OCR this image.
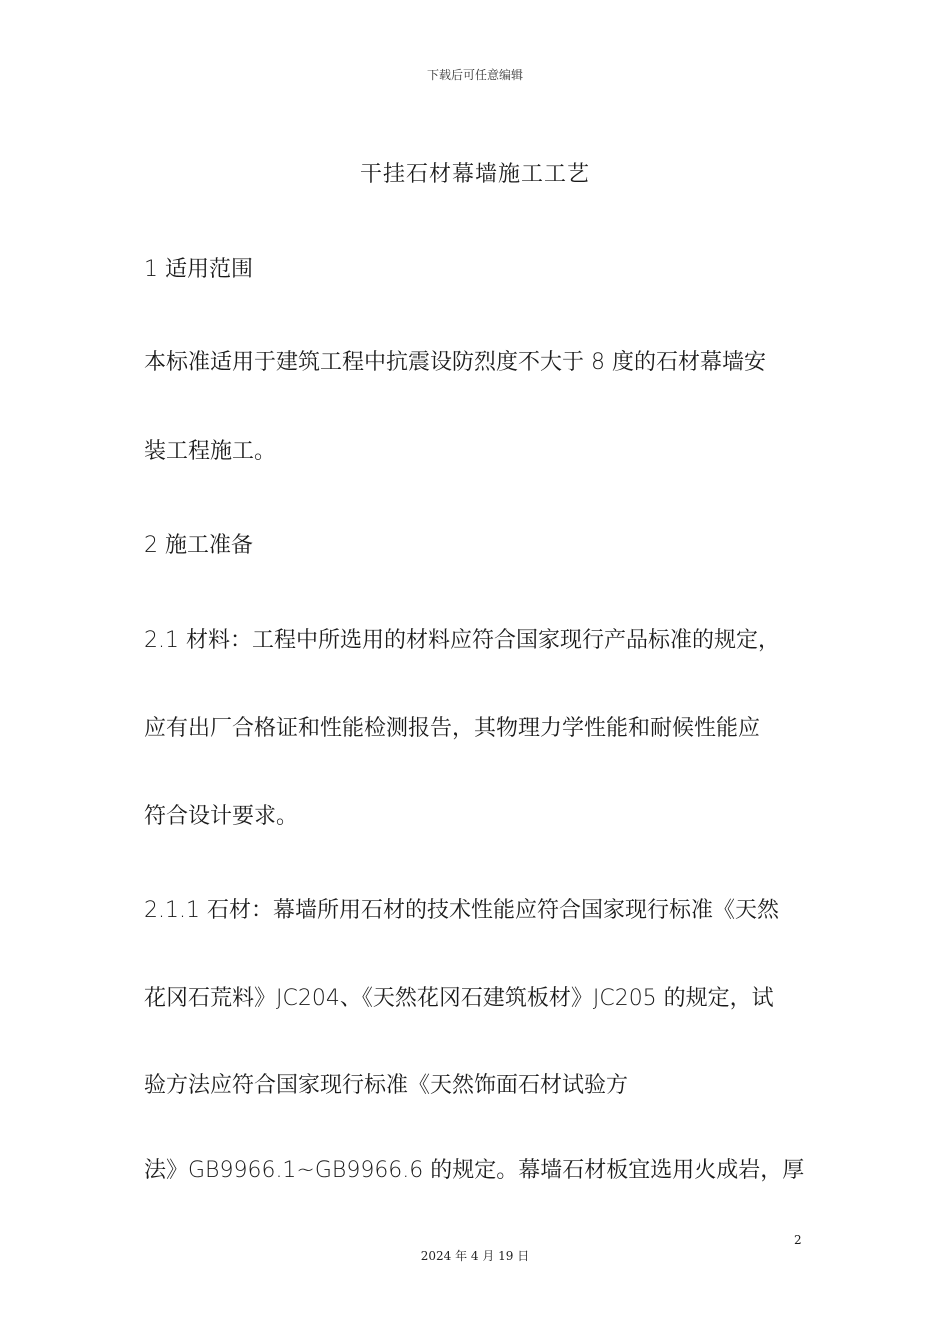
下载后可任意编辑
干挂石材幕墙施工工艺
1 适用范围
本标准适用于建筑工程中抗震设防烈度不大于 8 度的石材幕墙安
装工程施工。
2 施工准备
2.1 材料：工程中所选用的材料应符合国家现行产品标准的规定，
应有出厂合格证和性能检测报告，其物理力学性能和耐候性能应
符合设计要求。
2.1.1 石材：幕墙所用石材的技术性能应符合国家现行标准《天然
花冈石荒料》JC204、《天然花冈石建筑板材》JC205 的规定，试
验方法应符合国家现行标准《天然饰面石材试验方
法》GB9966.1~GB9966.6 的规定。幕墙石材板宜选用火成岩，厚
2
2024 年 4 月 19 日
